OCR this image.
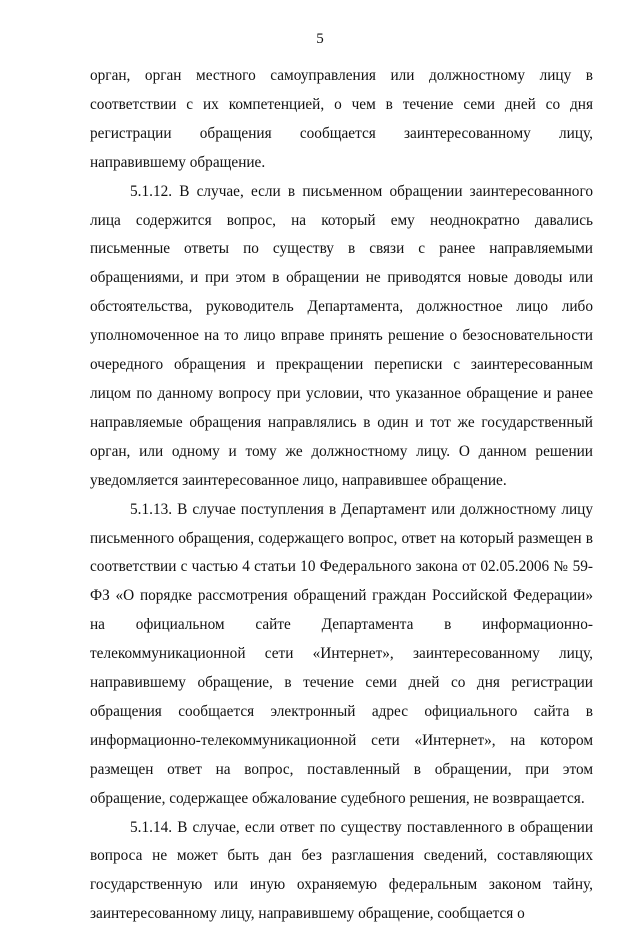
5

орган, орган местного самоуправления или должностному лицу в соответствии с их компетенцией, о чем в течение семи дней со дня регистрации обращения сообщается заинтересованному лицу, направившему обращение.

5.1.12. В случае, если в письменном обращении заинтересованного лица содержится вопрос, на который ему неоднократно давались письменные ответы по существу в связи с ранее направляемыми обращениями, и при этом в обращении не приводятся новые доводы или обстоятельства, руководитель Департамента, должностное лицо либо уполномоченное на то лицо вправе принять решение о безосновательности очередного обращения и прекращении переписки с заинтересованным лицом по данному вопросу при условии, что указанное обращение и ранее направляемые обращения направлялись в один и тот же государственный орган, или одному и тому же должностному лицу. О данном решении уведомляется заинтересованное лицо, направившее обращение.

5.1.13. В случае поступления в Департамент или должностному лицу письменного обращения, содержащего вопрос, ответ на который размещен в соответствии с частью 4 статьи 10 Федерального закона от 02.05.2006 № 59-ФЗ «О порядке рассмотрения обращений граждан Российской Федерации» на официальном сайте Департамента в информационно-телекоммуникационной сети «Интернет», заинтересованному лицу, направившему обращение, в течение семи дней со дня регистрации обращения сообщается электронный адрес официального сайта в информационно-телекоммуникационной сети «Интернет», на котором размещен ответ на вопрос, поставленный в обращении, при этом обращение, содержащее обжалование судебного решения, не возвращается.

5.1.14. В случае, если ответ по существу поставленного в обращении вопроса не может быть дан без разглашения сведений, составляющих государственную или иную охраняемую федеральным законом тайну, заинтересованному лицу, направившему обращение, сообщается о
